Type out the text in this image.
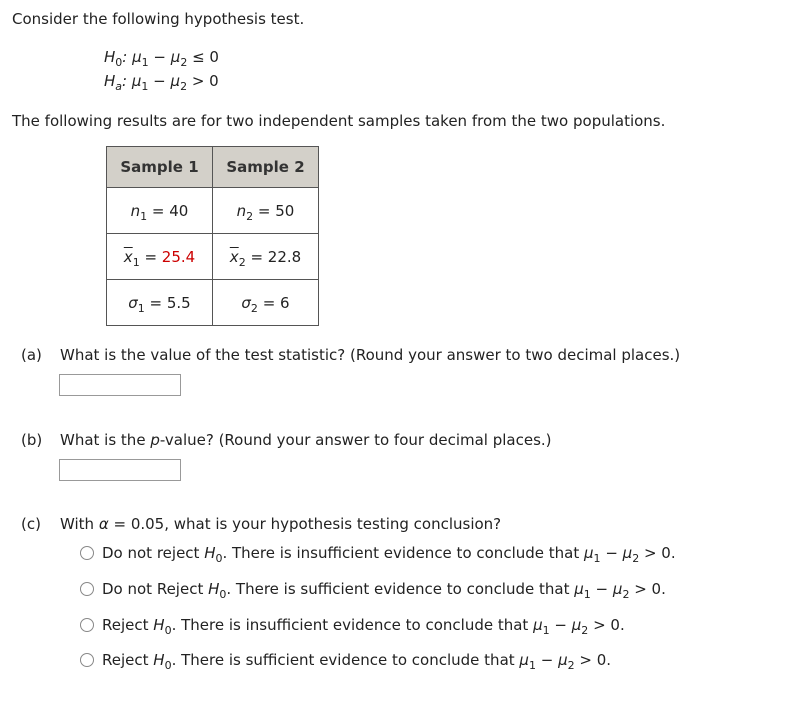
Consider the following hypothesis test.
$H_0$: $\mu_1 - \mu_2 \le 0$
$H_a$: $\mu_1 - \mu_2 > 0$
The following results are for two independent samples taken from the two populations.
Sample 1	Sample 2
$n_1 = 40$	$n_2 = 50$
$\overline{x}_1 = 25.4$	$\overline{x}_2 = 22.8$
$\sigma_1 = 5.5$	$\sigma_2 = 6$
(a) What is the value of the test statistic? (Round your answer to two decimal places.)
(b) What is the p-value? (Round your answer to four decimal places.)
(c) With α = 0.05, what is your hypothesis testing conclusion?
Do not reject $H_0$. There is insufficient evidence to conclude that $\mu_1 - \mu_2 > 0$.
Do not Reject $H_0$. There is sufficient evidence to conclude that $\mu_1 - \mu_2 > 0$.
Reject $H_0$. There is insufficient evidence to conclude that $\mu_1 - \mu_2 > 0$.
Reject $H_0$. There is sufficient evidence to conclude that $\mu_1 - \mu_2 > 0$.
